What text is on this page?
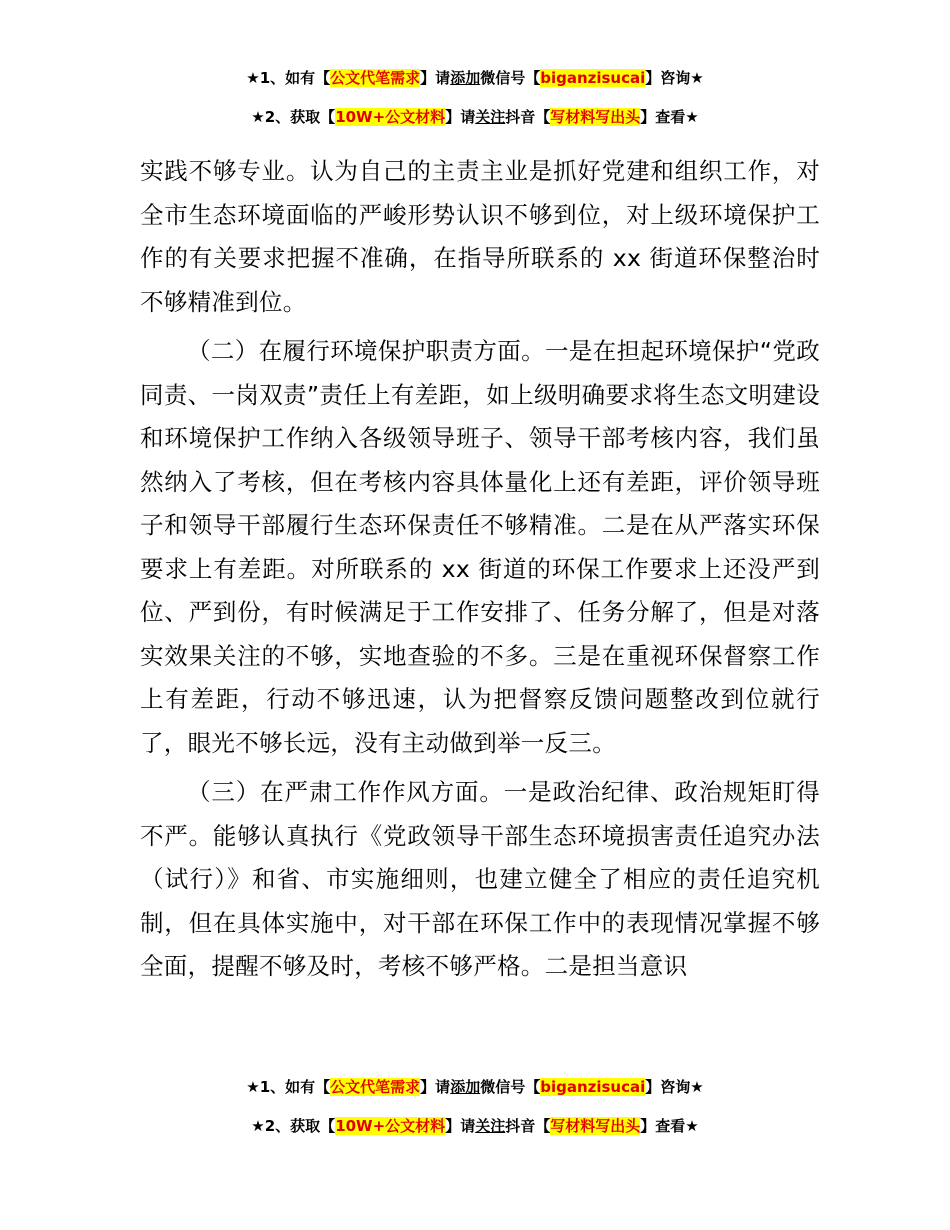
★1、如有【公文代笔需求】请添加微信号【biganzisucai】咨询★
★2、获取【10W+公文材料】请关注抖音【写材料写出头】查看★

实践不够专业。认为自己的主责主业是抓好党建和组织工作，对全市生态环境面临的严峻形势认识不够到位，对上级环境保护工作的有关要求把握不准确，在指导所联系的 xx 街道环保整治时不够精准到位。

（二）在履行环境保护职责方面。一是在担起环境保护“党政同责、一岗双责”责任上有差距，如上级明确要求将生态文明建设和环境保护工作纳入各级领导班子、领导干部考核内容，我们虽然纳入了考核，但在考核内容具体量化上还有差距，评价领导班子和领导干部履行生态环保责任不够精准。二是在从严落实环保要求上有差距。对所联系的 xx 街道的环保工作要求上还没严到位、严到份，有时候满足于工作安排了、任务分解了，但是对落实效果关注的不够，实地查验的不多。三是在重视环保督察工作上有差距，行动不够迅速，认为把督察反馈问题整改到位就行了，眼光不够长远，没有主动做到举一反三。

（三）在严肃工作作风方面。一是政治纪律、政治规矩盯得不严。能够认真执行《党政领导干部生态环境损害责任追究办法（试行）》和省、市实施细则，也建立健全了相应的责任追究机制，但在具体实施中，对干部在环保工作中的表现情况掌握不够全面，提醒不够及时，考核不够严格。二是担当意识

★1、如有【公文代笔需求】请添加微信号【biganzisucai】咨询★
★2、获取【10W+公文材料】请关注抖音【写材料写出头】查看★
